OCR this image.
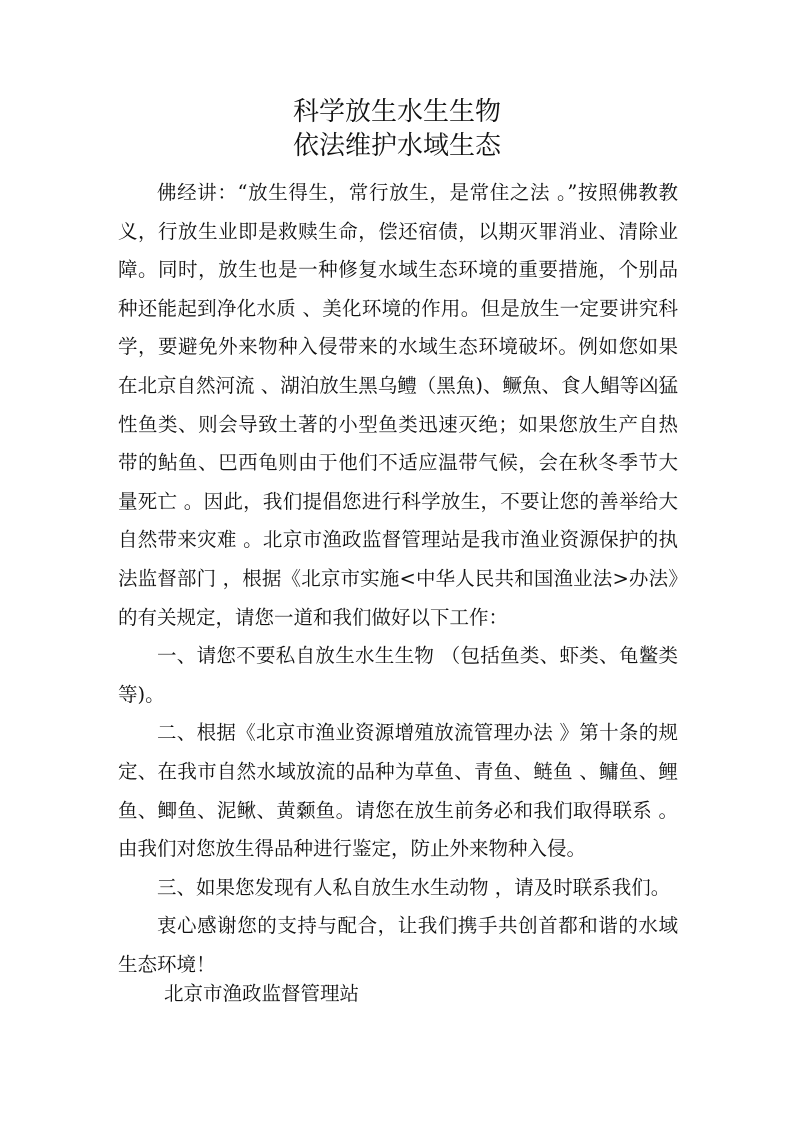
科学放生水生生物
依法维护水域生态

佛经讲：“放生得生，常行放生，是常住之法 。”按照佛教教义，行放生业即是救赎生命，偿还宿债，以期灭罪消业、清除业障。同时，放生也是一种修复水域生态环境的重要措施，个别品种还能起到净化水质 、美化环境的作用。但是放生一定要讲究科学，要避免外来物种入侵带来的水域生态环境破坏。例如您如果在北京自然河流 、湖泊放生黑乌鳢（黑魚)、鳜魚、食人鲳等凶猛性鱼类、则会导致土著的小型鱼类迅速灭绝；如果您放生产自热带的鲇鱼、巴西龟则由于他们不适应温带气候，会在秋冬季节大量死亡 。因此，我们提倡您进行科学放生，不要让您的善举给大自然带来灾难 。北京市渔政监督管理站是我市渔业资源保护的执法监督部门 ，根据《北京市实施<中华人民共和国渔业法>办法》的有关规定，请您一道和我们做好以下工作：

一、请您不要私自放生水生生物 （包括鱼类、虾类、龟鳖类等)。

二、根据《北京市渔业资源增殖放流管理办法 》第十条的规定、在我市自然水域放流的品种为草鱼、青鱼、鲢鱼 、鳙鱼、鲤鱼、鲫鱼、泥鳅、黄颡鱼。请您在放生前务必和我们取得联系 。由我们对您放生得品种进行鉴定，防止外来物种入侵。

三、如果您发现有人私自放生水生动物 ，请及时联系我们。

衷心感谢您的支持与配合，让我们携手共创首都和谐的水域生态环境！

北京市渔政监督管理站
